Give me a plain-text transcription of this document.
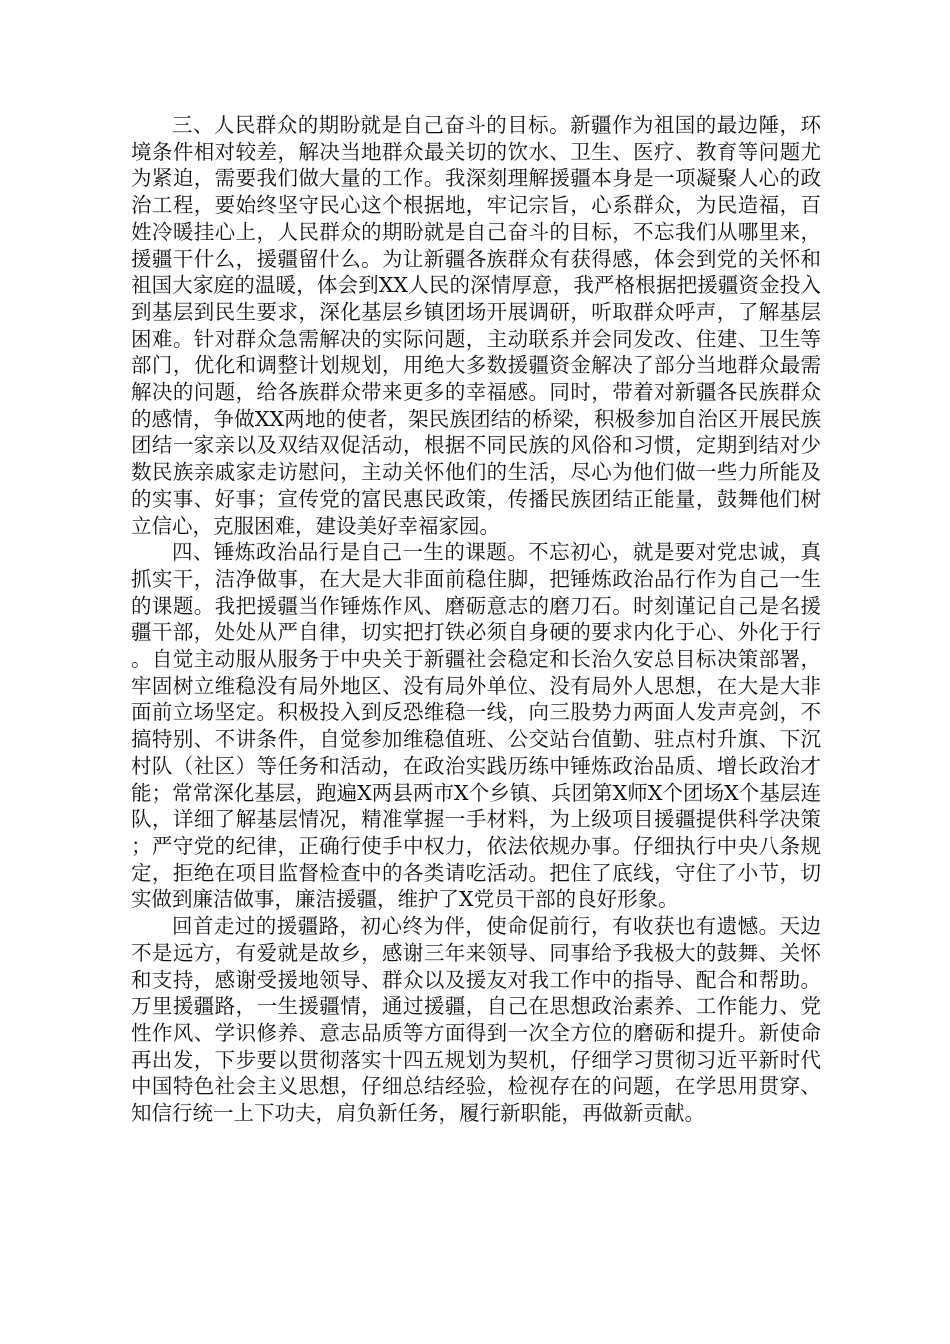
三、人民群众的期盼就是自己奋斗的目标。新疆作为祖国的最边陲，环境条件相对较差，解决当地群众最关切的饮水、卫生、医疗、教育等问题尤为紧迫，需要我们做大量的工作。我深刻理解援疆本身是一项凝聚人心的政治工程，要始终坚守民心这个根据地，牢记宗旨，心系群众，为民造福，百姓冷暖挂心上，人民群众的期盼就是自己奋斗的目标，不忘我们从哪里来，援疆干什么，援疆留什么。为让新疆各族群众有获得感，体会到党的关怀和祖国大家庭的温暖，体会到XX人民的深情厚意，我严格根据把援疆资金投入到基层到民生要求，深化基层乡镇团场开展调研，听取群众呼声，了解基层困难。针对群众急需解决的实际问题，主动联系并会同发改、住建、卫生等部门，优化和调整计划规划，用绝大多数援疆资金解决了部分当地群众最需解决的问题，给各族群众带来更多的幸福感。同时，带着对新疆各民族群众的感情，争做XX两地的使者，架民族团结的桥梁，积极参加自治区开展民族团结一家亲以及双结双促活动，根据不同民族的风俗和习惯，定期到结对少数民族亲戚家走访慰问，主动关怀他们的生活，尽心为他们做一些力所能及的实事、好事；宣传党的富民惠民政策，传播民族团结正能量，鼓舞他们树立信心，克服困难，建设美好幸福家园。

四、锤炼政治品行是自己一生的课题。不忘初心，就是要对党忠诚，真抓实干，洁净做事，在大是大非面前稳住脚，把锤炼政治品行作为自己一生的课题。我把援疆当作锤炼作风、磨砺意志的磨刀石。时刻谨记自己是名援疆干部，处处从严自律，切实把打铁必须自身硬的要求内化于心、外化于行。自觉主动服从服务于中央关于新疆社会稳定和长治久安总目标决策部署，牢固树立维稳没有局外地区、没有局外单位、没有局外人思想，在大是大非面前立场坚定。积极投入到反恐维稳一线，向三股势力两面人发声亮剑，不搞特别、不讲条件，自觉参加维稳值班、公交站台值勤、驻点村升旗、下沉村队（社区）等任务和活动，在政治实践历练中锤炼政治品质、增长政治才能；常常深化基层，跑遍X两县两市X个乡镇、兵团第X师X个团场X个基层连队，详细了解基层情况，精准掌握一手材料，为上级项目援疆提供科学决策；严守党的纪律，正确行使手中权力，依法依规办事。仔细执行中央八条规定，拒绝在项目监督检查中的各类请吃活动。把住了底线，守住了小节，切实做到廉洁做事，廉洁援疆，维护了X党员干部的良好形象。

回首走过的援疆路，初心终为伴，使命促前行，有收获也有遗憾。天边不是远方，有爱就是故乡，感谢三年来领导、同事给予我极大的鼓舞、关怀和支持，感谢受援地领导、群众以及援友对我工作中的指导、配合和帮助。万里援疆路，一生援疆情，通过援疆，自己在思想政治素养、工作能力、党性作风、学识修养、意志品质等方面得到一次全方位的磨砺和提升。新使命再出发，下步要以贯彻落实十四五规划为契机，仔细学习贯彻习近平新时代中国特色社会主义思想，仔细总结经验，检视存在的问题，在学思用贯穿、知信行统一上下功夫，肩负新任务，履行新职能，再做新贡献。
